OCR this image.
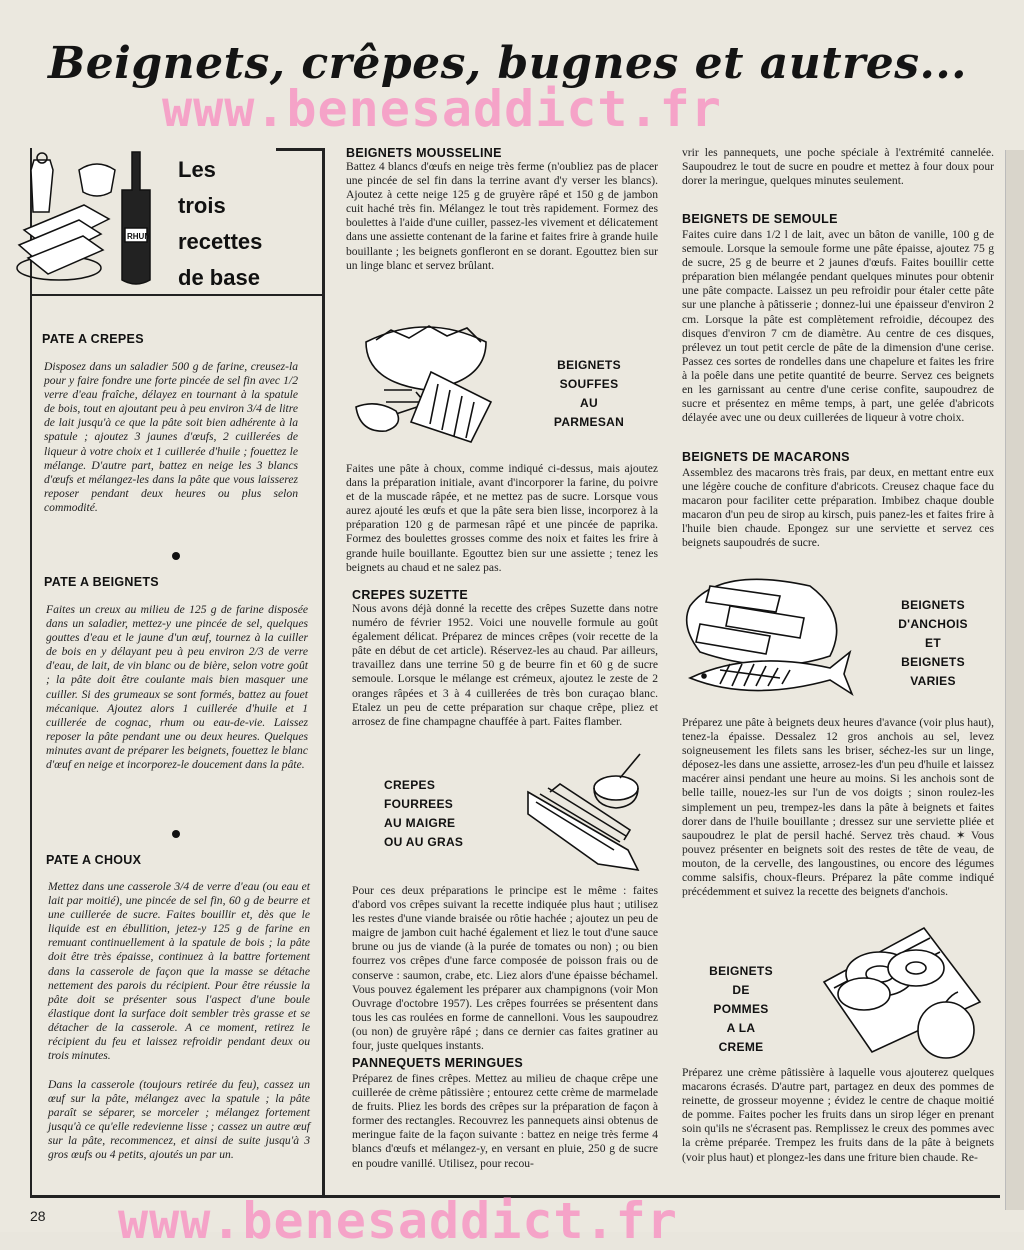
Beignets, crêpes, bugnes et autres...
www.benesaddict.fr
RHUM
Les
trois
recettes
de base
PATE A CREPES
Disposez dans un saladier 500 g de farine, creusez-la pour y faire fondre une forte pincée de sel fin avec 1/2 verre d'eau fraîche, délayez en tournant à la spatule de bois, tout en ajoutant peu à peu environ 3/4 de litre de lait jusqu'à ce que la pâte soit bien adhérente à la spatule ; ajoutez 3 jaunes d'œufs, 2 cuillerées de liqueur à votre choix et 1 cuillerée d'huile ; fouettez le mélange. D'autre part, battez en neige les 3 blancs d'œufs et mélangez-les dans la pâte que vous laisserez reposer pendant deux heures ou plus selon commodité.
PATE A BEIGNETS
Faites un creux au milieu de 125 g de farine disposée dans un saladier, mettez-y une pincée de sel, quelques gouttes d'eau et le jaune d'un œuf, tournez à la cuiller de bois en y délayant peu à peu environ 2/3 de verre d'eau, de lait, de vin blanc ou de bière, selon votre goût ; la pâte doit être coulante mais bien masquer une cuiller. Si des grumeaux se sont formés, battez au fouet mécanique. Ajoutez alors 1 cuillerée d'huile et 1 cuillerée de cognac, rhum ou eau-de-vie. Laissez reposer la pâte pendant une ou deux heures. Quelques minutes avant de préparer les beignets, fouettez le blanc d'œuf en neige et incorporez-le doucement dans la pâte.
PATE A CHOUX
Mettez dans une casserole 3/4 de verre d'eau (ou eau et lait par moitié), une pincée de sel fin, 60 g de beurre et une cuillerée de sucre. Faites bouillir et, dès que le liquide est en ébullition, jetez-y 125 g de farine en remuant continuellement à la spatule de bois ; la pâte doit être très épaisse, continuez à la battre fortement dans la casserole de façon que la masse se détache nettement des parois du récipient. Pour être réussie la pâte doit se présenter sous l'aspect d'une boule élastique dont la surface doit sembler très grasse et se détacher de la casserole. A ce moment, retirez le récipient du feu et laissez refroidir pendant deux ou trois minutes.
Dans la casserole (toujours retirée du feu), cassez un œuf sur la pâte, mélangez avec la spatule ; la pâte paraît se séparer, se morceler ; mélangez fortement jusqu'à ce qu'elle redevienne lisse ; cassez un autre œuf sur la pâte, recommencez, et ainsi de suite jusqu'à 3 gros œufs ou 4 petits, ajoutés un par un.
BEIGNETS MOUSSELINE
Battez 4 blancs d'œufs en neige très ferme (n'oubliez pas de placer une pincée de sel fin dans la terrine avant d'y verser les blancs). Ajoutez à cette neige 125 g de gruyère râpé et 150 g de jambon cuit haché très fin. Mélangez le tout très rapidement. Formez des boulettes à l'aide d'une cuiller, passez-les vivement et délicatement dans une assiette contenant de la farine et faites frire à grande huile bouillante ; les beignets gonfleront en se dorant. Egouttez bien sur un linge blanc et servez brûlant.
BEIGNETS
SOUFFES
AU PARMESAN
Faites une pâte à choux, comme indiqué ci-dessus, mais ajoutez dans la préparation initiale, avant d'incorporer la farine, du poivre et de la muscade râpée, et ne mettez pas de sucre. Lorsque vous aurez ajouté les œufs et que la pâte sera bien lisse, incorporez à la préparation 120 g de parmesan râpé et une pincée de paprika. Formez des boulettes grosses comme des noix et faites les frire à grande huile bouillante. Egouttez bien sur une assiette ; tenez les beignets au chaud et ne salez pas.
CREPES SUZETTE
Nous avons déjà donné la recette des crêpes Suzette dans notre numéro de février 1952. Voici une nouvelle formule au goût également délicat. Préparez de minces crêpes (voir recette de la pâte en début de cet article). Réservez-les au chaud. Par ailleurs, travaillez dans une terrine 50 g de beurre fin et 60 g de sucre semoule. Lorsque le mélange est crémeux, ajoutez le zeste de 2 oranges râpées et 3 à 4 cuillerées de très bon curaçao blanc. Etalez un peu de cette préparation sur chaque crêpe, pliez et arrosez de fine champagne chauffée à part. Faites flamber.
CREPES
FOURREES
AU MAIGRE
OU AU GRAS
Pour ces deux préparations le principe est le même : faites d'abord vos crêpes suivant la recette indiquée plus haut ; utilisez les restes d'une viande braisée ou rôtie hachée ; ajoutez un peu de maigre de jambon cuit haché également et liez le tout d'une sauce brune ou jus de viande (à la purée de tomates ou non) ; ou bien fourrez vos crêpes d'une farce composée de poisson frais ou de conserve : saumon, crabe, etc. Liez alors d'une épaisse béchamel. Vous pouvez également les préparer aux champignons (voir Mon Ouvrage d'octobre 1957). Les crêpes fourrées se présentent dans tous les cas roulées en forme de cannelloni. Vous les saupoudrez (ou non) de gruyère râpé ; dans ce dernier cas faites gratiner au four, juste quelques instants.
PANNEQUETS MERINGUES
Préparez de fines crêpes. Mettez au milieu de chaque crêpe une cuillerée de crème pâtissière ; entourez cette crème de marmelade de fruits. Pliez les bords des crêpes sur la préparation de façon à former des rectangles. Recouvrez les pannequets ainsi obtenus de meringue faite de la façon suivante : battez en neige très ferme 4 blancs d'œufs et mélangez-y, en versant en pluie, 250 g de sucre en poudre vanillé. Utilisez, pour recou-
vrir les pannequets, une poche spéciale à l'extrémité cannelée. Saupoudrez le tout de sucre en poudre et mettez à four doux pour dorer la meringue, quelques minutes seulement.
BEIGNETS DE SEMOULE
Faites cuire dans 1/2 l de lait, avec un bâton de vanille, 100 g de semoule. Lorsque la semoule forme une pâte épaisse, ajoutez 75 g de sucre, 25 g de beurre et 2 jaunes d'œufs. Faites bouillir cette préparation bien mélangée pendant quelques minutes pour obtenir une pâte compacte. Laissez un peu refroidir pour étaler cette pâte sur une planche à pâtisserie ; donnez-lui une épaisseur d'environ 2 cm. Lorsque la pâte est complètement refroidie, découpez des disques d'environ 7 cm de diamètre. Au centre de ces disques, prélevez un tout petit cercle de pâte de la dimension d'une cerise. Passez ces sortes de rondelles dans une chapelure et faites les frire à la poêle dans une petite quantité de beurre. Servez ces beignets en les garnissant au centre d'une cerise confite, saupoudrez de sucre et présentez en même temps, à part, une gelée d'abricots délayée avec une ou deux cuillerées de liqueur à votre choix.
BEIGNETS DE MACARONS
Assemblez des macarons très frais, par deux, en mettant entre eux une légère couche de confiture d'abricots. Creusez chaque face du macaron pour faciliter cette préparation. Imbibez chaque double macaron d'un peu de sirop au kirsch, puis panez-les et faites frire à l'huile bien chaude. Epongez sur une serviette et servez ces beignets saupoudrés de sucre.
BEIGNETS
D'ANCHOIS
ET
BEIGNETS
VARIES
Préparez une pâte à beignets deux heures d'avance (voir plus haut), tenez-la épaisse. Dessalez 12 gros anchois au sel, levez soigneusement les filets sans les briser, séchez-les sur un linge, déposez-les dans une assiette, arrosez-les d'un peu d'huile et laissez macérer ainsi pendant une heure au moins. Si les anchois sont de belle taille, nouez-les sur l'un de vos doigts ; sinon roulez-les simplement un peu, trempez-les dans la pâte à beignets et faites dorer dans de l'huile bouillante ; dressez sur une serviette pliée et saupoudrez le plat de persil haché. Servez très chaud. ✶ Vous pouvez présenter en beignets soit des restes de tête de veau, de mouton, de la cervelle, des langoustines, ou encore des légumes comme salsifis, choux-fleurs. Préparez la pâte comme indiqué précédemment et suivez la recette des beignets d'anchois.
BEIGNETS
DE POMMES
A LA CREME
Préparez une crème pâtissière à laquelle vous ajouterez quelques macarons écrasés. D'autre part, partagez en deux des pommes de reinette, de grosseur moyenne ; évidez le centre de chaque moitié de pomme. Faites pocher les fruits dans un sirop léger en prenant soin qu'ils ne s'écrasent pas. Remplissez le creux des pommes avec la crème préparée. Trempez les fruits dans de la pâte à beignets (voir plus haut) et plongez-les dans une friture bien chaude. Re-
28 www.benesaddict.fr
